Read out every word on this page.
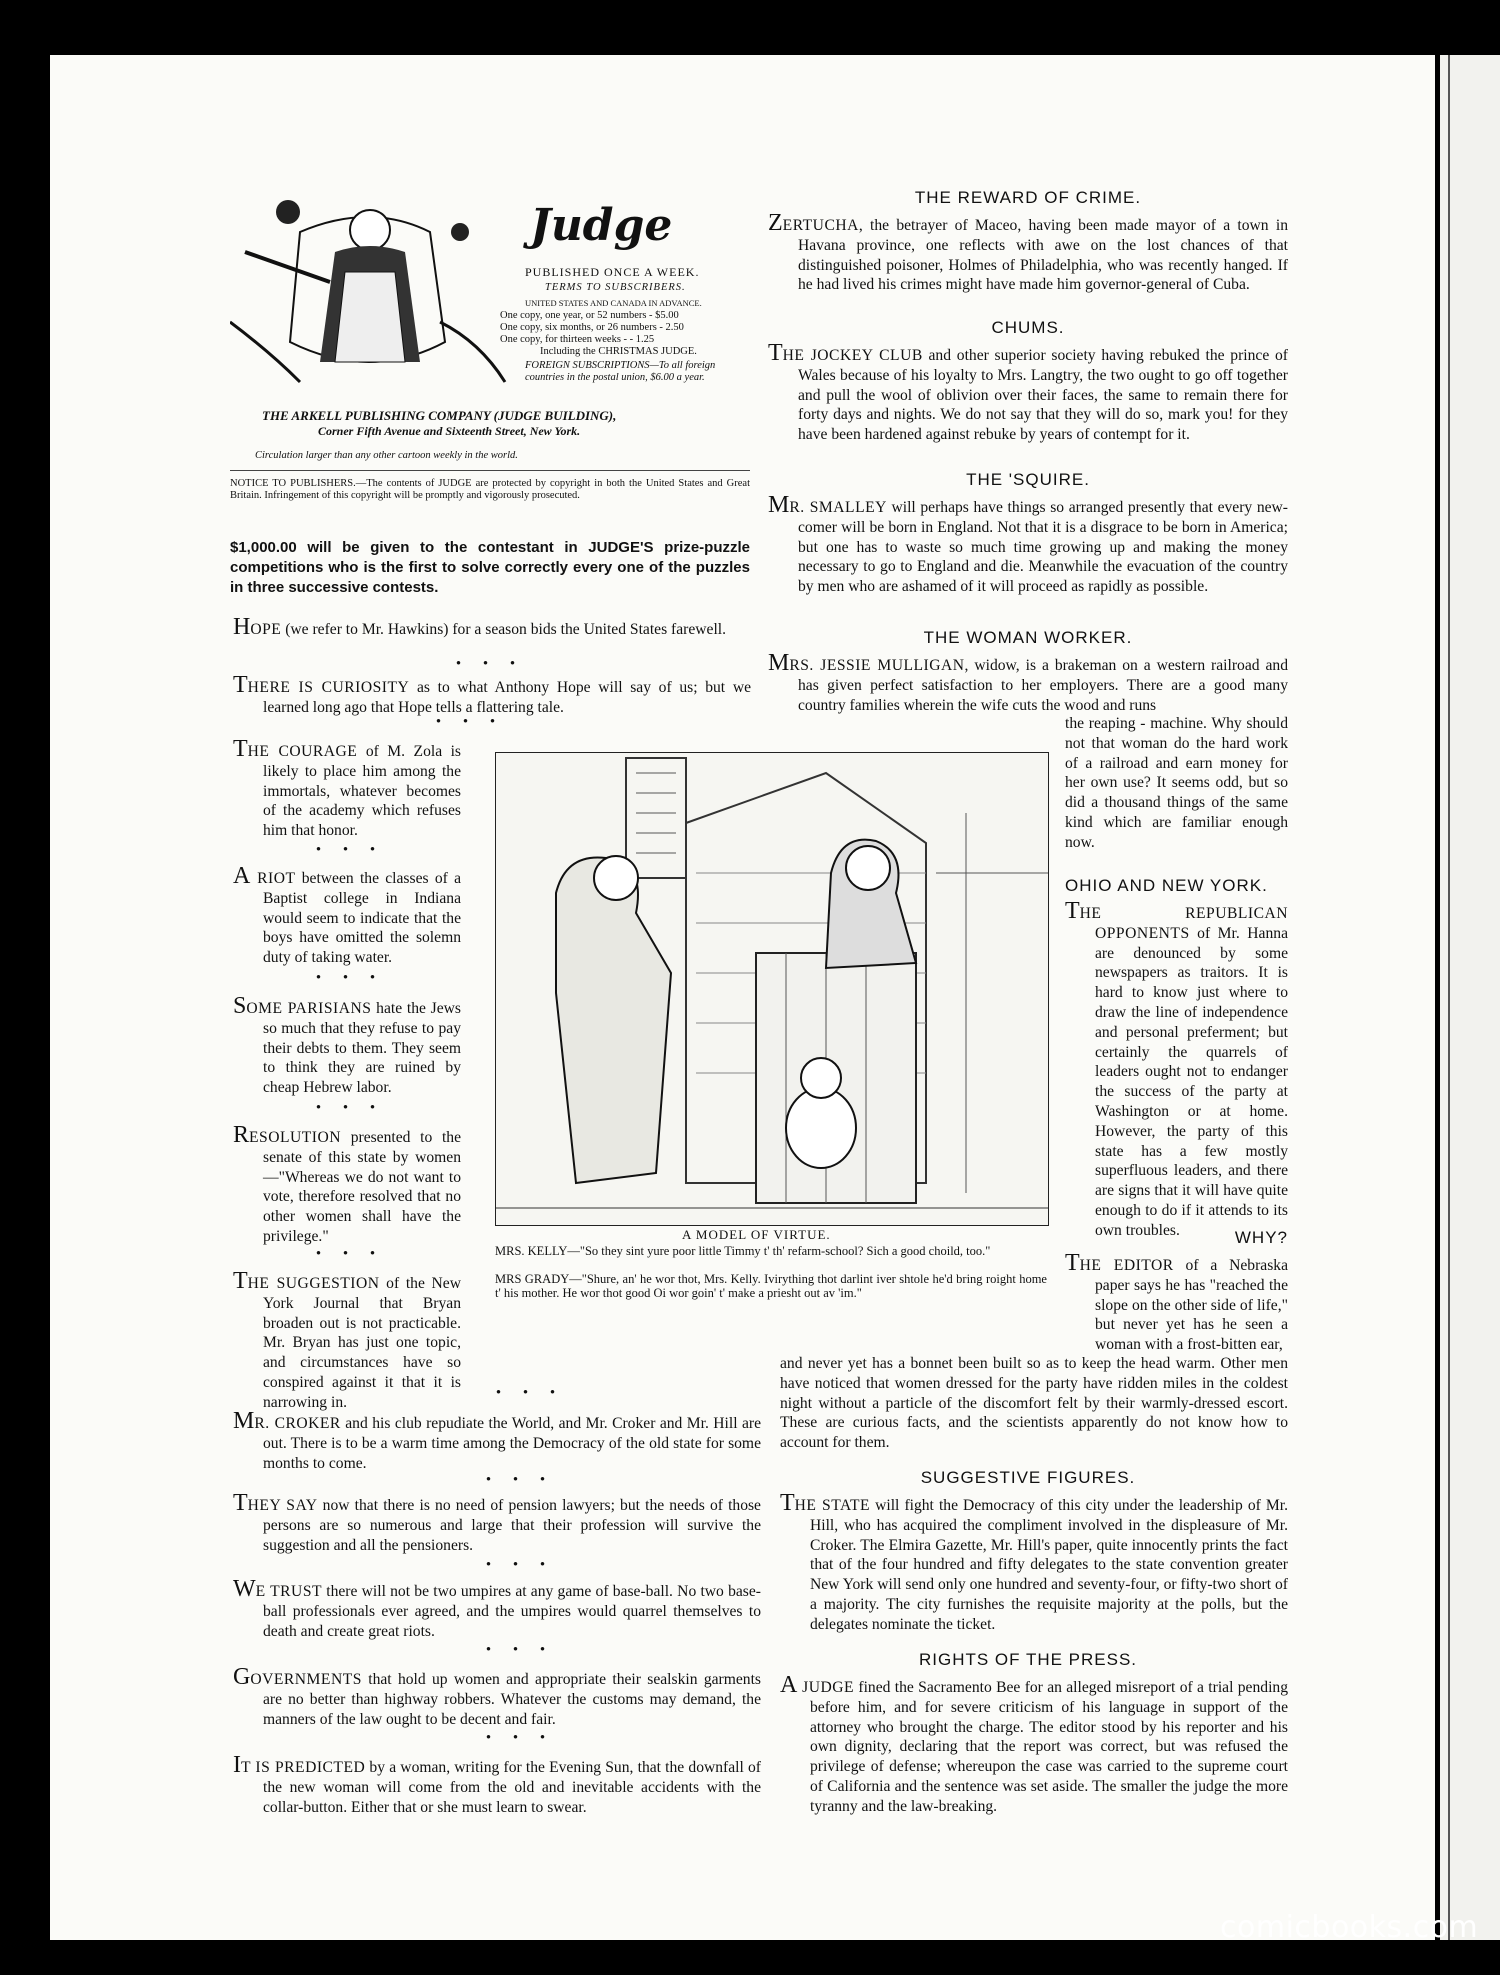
Judge
PUBLISHED ONCE A WEEK.
TERMS TO SUBSCRIBERS.
UNITED STATES AND CANADA IN ADVANCE.
One copy, one year, or 52 numbers - $5.00
One copy, six months, or 26 numbers - 2.50
One copy, for thirteen weeks - - 1.25
Including the CHRISTMAS JUDGE.
FOREIGN SUBSCRIPTIONS—To all foreign countries in the postal union, $6.00 a year.
THE ARKELL PUBLISHING COMPANY (JUDGE BUILDING),
Corner Fifth Avenue and Sixteenth Street, New York.
Circulation larger than any other cartoon weekly in the world.
NOTICE TO PUBLISHERS.—The contents of JUDGE are protected by copyright in both the United States and Great Britain. Infringement of this copyright will be promptly and vigorously prosecuted.
$1,000.00 will be given to the contestant in JUDGE'S prize-puzzle competitions who is the first to solve correctly every one of the puzzles in three successive contests.

HOPE (we refer to Mr. Hawkins) for a season bids the United States farewell.

• • •

THERE IS CURIOSITY as to what Anthony Hope will say of us; but we learned long ago that Hope tells a flattering tale.

• • •

THE COURAGE of M. Zola is likely to place him among the immortals, whatever becomes of the academy which refuses him that honor.

• • •

A RIOT between the classes of a Baptist college in Indiana would seem to indicate that the boys have omitted the solemn duty of taking water.

• • •

SOME PARISIANS hate the Jews so much that they refuse to pay their debts to them. They seem to think they are ruined by cheap Hebrew labor.

• • •

RESOLUTION presented to the senate of this state by women—"Whereas we do not want to vote, therefore resolved that no other women shall have the privilege."

• • •

THE SUGGESTION of the New York Journal that Bryan broaden out is not practicable. Mr. Bryan has just one topic, and circumstances have so conspired against it that it is narrowing in.

A MODEL OF VIRTUE.
MRS. KELLY—"So they sint yure poor little Timmy t' th' refarm-school? Sich a good choild, too."
MRS GRADY—"Shure, an' he wor thot, Mrs. Kelly. Ivirything thot darlint iver shtole he'd bring roight home t' his mother. He wor thot good Oi wor goin' t' make a priesht out av 'im."
• • •

MR. CROKER and his club repudiate the World, and Mr. Croker and Mr. Hill are out. There is to be a warm time among the Democracy of the old state for some months to come.

• • •

THEY SAY now that there is no need of pension lawyers; but the needs of those persons are so numerous and large that their profession will survive the suggestion and all the pensioners.

• • •

WE TRUST there will not be two umpires at any game of base-ball. No two base-ball professionals ever agreed, and the umpires would quarrel themselves to death and create great riots.

• • •

GOVERNMENTS that hold up women and appropriate their sealskin garments are no better than highway robbers. Whatever the customs may demand, the manners of the law ought to be decent and fair.

• • •

IT IS PREDICTED by a woman, writing for the Evening Sun, that the downfall of the new woman will come from the old and inevitable accidents with the collar-button. Either that or she must learn to swear.

THE REWARD OF CRIME.

ZERTUCHA, the betrayer of Maceo, having been made mayor of a town in Havana province, one reflects with awe on the lost chances of that distinguished poisoner, Holmes of Philadelphia, who was recently hanged. If he had lived his crimes might have made him governor-general of Cuba.

CHUMS.

THE JOCKEY CLUB and other superior society having rebuked the prince of Wales because of his loyalty to Mrs. Langtry, the two ought to go off together and pull the wool of oblivion over their faces, the same to remain there for forty days and nights. We do not say that they will do so, mark you! for they have been hardened against rebuke by years of contempt for it.

THE 'SQUIRE.

MR. SMALLEY will perhaps have things so arranged presently that every new-comer will be born in England. Not that it is a disgrace to be born in America; but one has to waste so much time growing up and making the money necessary to go to England and die. Meanwhile the evacuation of the country by men who are ashamed of it will proceed as rapidly as possible.

THE WOMAN WORKER.

MRS. JESSIE MULLIGAN, widow, is a brakeman on a western railroad and has given perfect satisfaction to her employers. There are a good many country families wherein the wife cuts the wood and runs

the reaping - machine. Why should not that woman do the hard work of a railroad and earn money for her own use? It seems odd, but so did a thousand things of the same kind which are familiar enough now.

OHIO AND NEW YORK.

THE REPUBLICAN OPPONENTS of Mr. Hanna are denounced by some newspapers as traitors. It is hard to know just where to draw the line of independence and personal preferment; but certainly the quarrels of leaders ought not to endanger the success of the party at Washington or at home. However, the party of this state has a few mostly superfluous leaders, and there are signs that it will have quite enough to do if it attends to its own troubles.	WHY?

THE EDITOR of a Nebraska paper says he has "reached the slope on the other side of life," but never yet has he seen a woman with a frost-bitten ear,

and never yet has a bonnet been built so as to keep the head warm. Other men have noticed that women dressed for the party have ridden miles in the coldest night without a particle of the discomfort felt by their warmly-dressed escort. These are curious facts, and the scientists apparently do not know how to account for them.

SUGGESTIVE FIGURES.

THE STATE will fight the Democracy of this city under the leadership of Mr. Hill, who has acquired the compliment involved in the displeasure of Mr. Croker. The Elmira Gazette, Mr. Hill's paper, quite innocently prints the fact that of the four hundred and fifty delegates to the state convention greater New York will send only one hundred and seventy-four, or fifty-two short of a majority. The city furnishes the requisite majority at the polls, but the delegates nominate the ticket.

RIGHTS OF THE PRESS.

A JUDGE fined the Sacramento Bee for an alleged misreport of a trial pending before him, and for severe criticism of his language in support of the attorney who brought the charge. The editor stood by his reporter and his own dignity, declaring that the report was correct, but was refused the privilege of defense; whereupon the case was carried to the supreme court of California and the sentence was set aside. The smaller the judge the more tyranny and the law-breaking.

comicbooks.com
